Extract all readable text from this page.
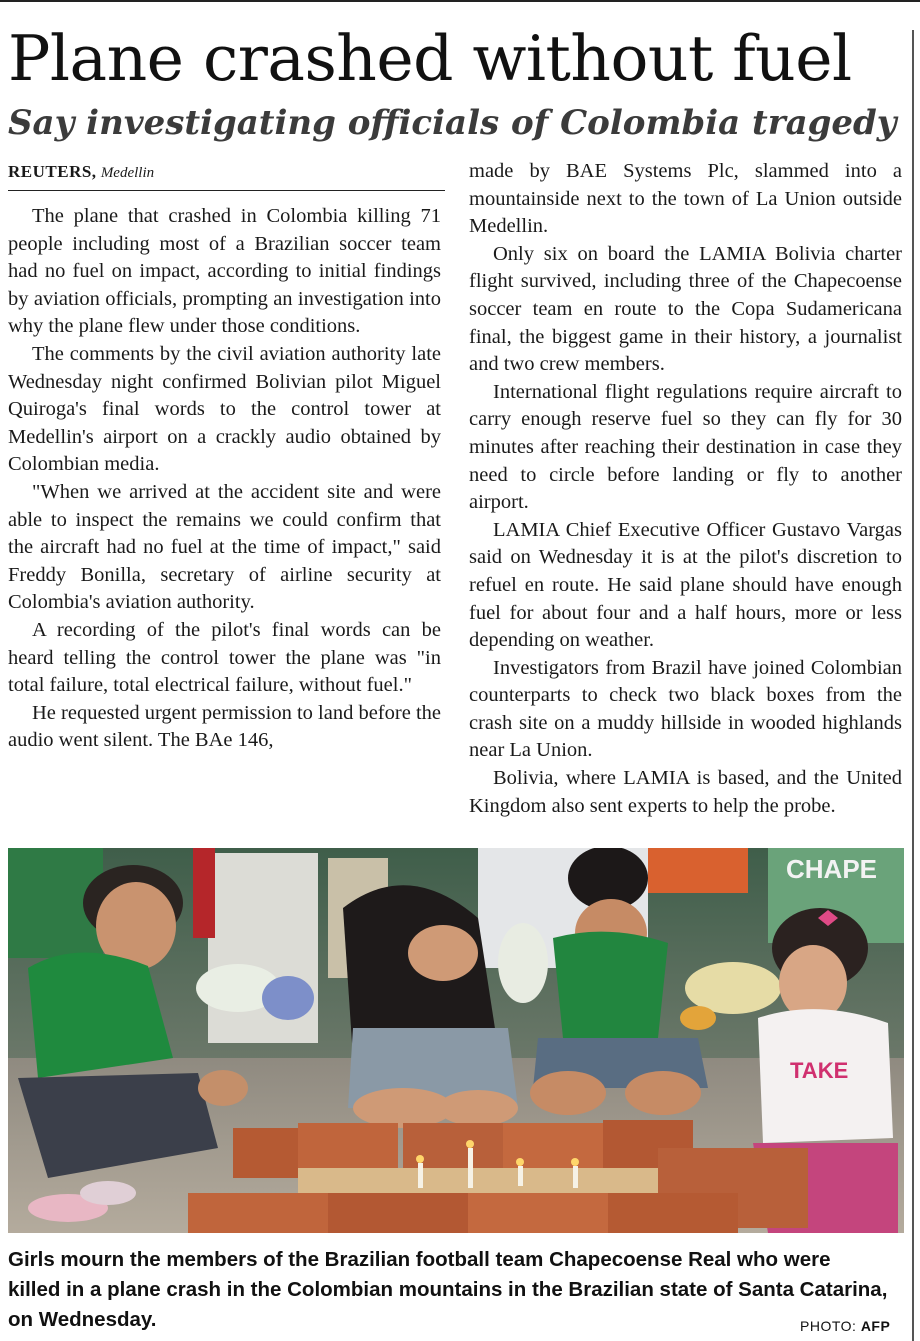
Plane crashed without fuel
Say investigating officials of Colombia tragedy
REUTERS, Medellin

The plane that crashed in Colombia killing 71 people including most of a Brazilian soccer team had no fuel on impact, according to initial findings by aviation officials, prompting an investigation into why the plane flew under those conditions.

The comments by the civil aviation authority late Wednesday night confirmed Bolivian pilot Miguel Quiroga's final words to the control tower at Medellin's airport on a crackly audio obtained by Colombian media.

"When we arrived at the accident site and were able to inspect the remains we could confirm that the aircraft had no fuel at the time of impact," said Freddy Bonilla, secretary of airline security at Colombia's aviation authority.

A recording of the pilot's final words can be heard telling the control tower the plane was "in total failure, total electrical failure, without fuel."

He requested urgent permission to land before the audio went silent. The BAe 146,

made by BAE Systems Plc, slammed into a mountainside next to the town of La Union outside Medellin.

Only six on board the LAMIA Bolivia charter flight survived, including three of the Chapecoense soccer team en route to the Copa Sudamericana final, the biggest game in their history, a journalist and two crew members.

International flight regulations require aircraft to carry enough reserve fuel so they can fly for 30 minutes after reaching their destination in case they need to circle before landing or fly to another airport.

LAMIA Chief Executive Officer Gustavo Vargas said on Wednesday it is at the pilot's discretion to refuel en route. He said plane should have enough fuel for about four and a half hours, more or less depending on weather.

Investigators from Brazil have joined Colombian counterparts to check two black boxes from the crash site on a muddy hillside in wooded highlands near La Union.

Bolivia, where LAMIA is based, and the United Kingdom also sent experts to help the probe.

CHAPE
TAKE
Girls mourn the members of the Brazilian football team Chapecoense Real who were killed in a plane crash in the Colombian mountains in the Brazilian state of Santa Catarina, on Wednesday.	PHOTO: AFP
